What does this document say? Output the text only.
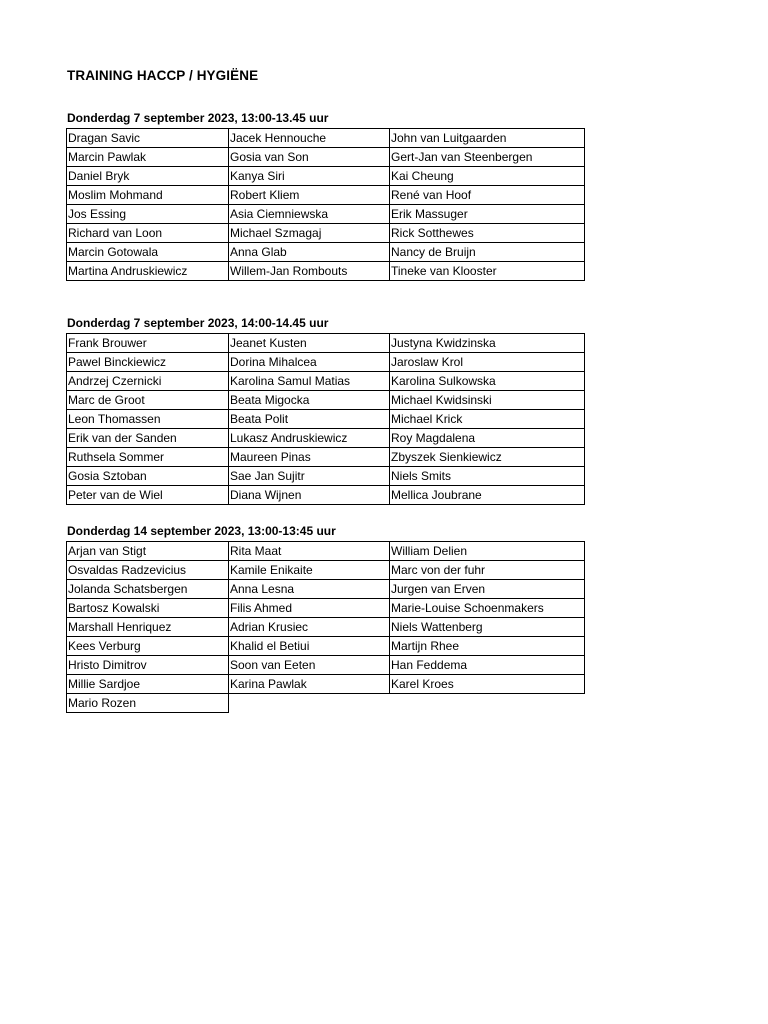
TRAINING HACCP / HYGIËNE
Donderdag 7 september 2023, 13:00-13.45 uur
Dragan Savic	Jacek Hennouche	John van Luitgaarden
Marcin Pawlak	Gosia van Son	Gert-Jan van Steenbergen
Daniel Bryk	Kanya Siri	Kai Cheung
Moslim Mohmand	Robert Kliem	René van Hoof
Jos Essing	Asia Ciemniewska	Erik Massuger
Richard van Loon	Michael Szmagaj	Rick Sotthewes
Marcin Gotowala	Anna Glab	Nancy de Bruijn
Martina Andruskiewicz	Willem-Jan Rombouts	Tineke van Klooster
Donderdag 7 september 2023, 14:00-14.45 uur
Frank Brouwer	Jeanet Kusten	Justyna Kwidzinska
Pawel Binckiewicz	Dorina Mihalcea	Jaroslaw Krol
Andrzej Czernicki	Karolina Samul Matias	Karolina Sulkowska
Marc de Groot	Beata Migocka	Michael Kwidsinski
Leon Thomassen	Beata Polit	Michael Krick
Erik van der Sanden	Lukasz Andruskiewicz	Roy Magdalena
Ruthsela Sommer	Maureen Pinas	Zbyszek Sienkiewicz
Gosia Sztoban	Sae Jan Sujitr	Niels Smits
Peter van de Wiel	Diana Wijnen	Mellica Joubrane
Donderdag 14 september 2023, 13:00-13:45 uur
Arjan van Stigt	Rita Maat	William Delien
Osvaldas Radzevicius	Kamile Enikaite	Marc von der fuhr
Jolanda Schatsbergen	Anna Lesna	Jurgen van Erven
Bartosz Kowalski	Filis Ahmed	Marie-Louise Schoenmakers
Marshall Henriquez	Adrian Krusiec	Niels Wattenberg
Kees Verburg	Khalid el Betiui	Martijn Rhee
Hristo Dimitrov	Soon van Eeten	Han Feddema
Millie Sardjoe	Karina Pawlak	Karel Kroes
Mario Rozen		
